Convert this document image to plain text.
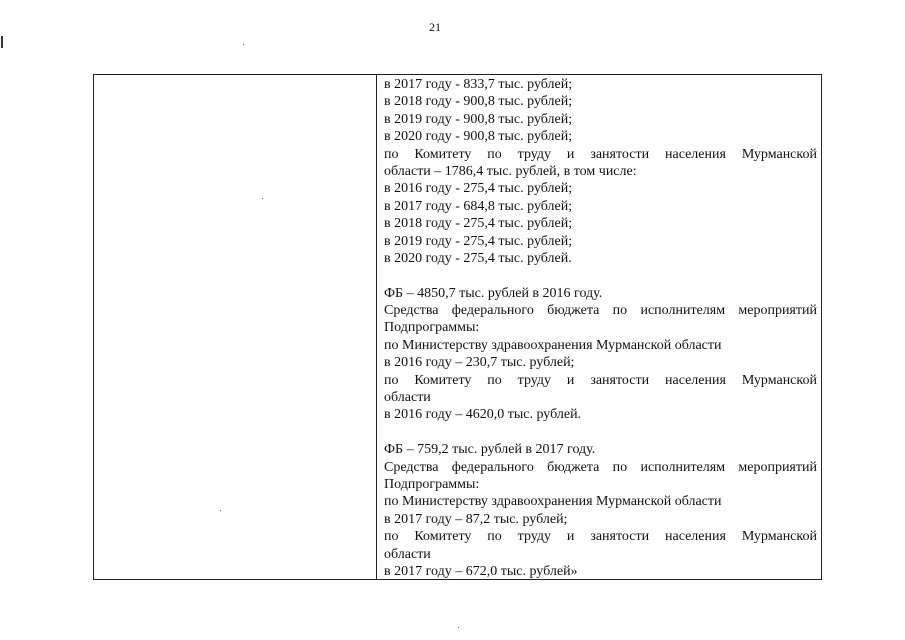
21
в 2017 году - 833,7 тыс. рублей;
в 2018 году - 900,8 тыс. рублей;
в 2019 году - 900,8 тыс. рублей;
в 2020 году - 900,8 тыс. рублей;
по Комитету по труду и занятости населения Мурманской
области – 1786,4 тыс. рублей, в том числе:
в 2016 году - 275,4 тыс. рублей;
в 2017 году - 684,8 тыс. рублей;
в 2018 году - 275,4 тыс. рублей;
в 2019 году - 275,4 тыс. рублей;
в 2020 году - 275,4 тыс. рублей.
ФБ – 4850,7 тыс. рублей в 2016 году.
Средства федерального бюджета по исполнителям мероприятий
Подпрограммы:
по Министерству здравоохранения Мурманской области
в 2016 году – 230,7 тыс. рублей;
по Комитету по труду и занятости населения Мурманской
области
в 2016 году – 4620,0 тыс. рублей.
ФБ – 759,2 тыс. рублей в 2017 году.
Средства федерального бюджета по исполнителям мероприятий
Подпрограммы:
по Министерству здравоохранения Мурманской области
в 2017 году – 87,2 тыс. рублей;
по Комитету по труду и занятости населения Мурманской
области
в 2017 году – 672,0 тыс. рублей»
